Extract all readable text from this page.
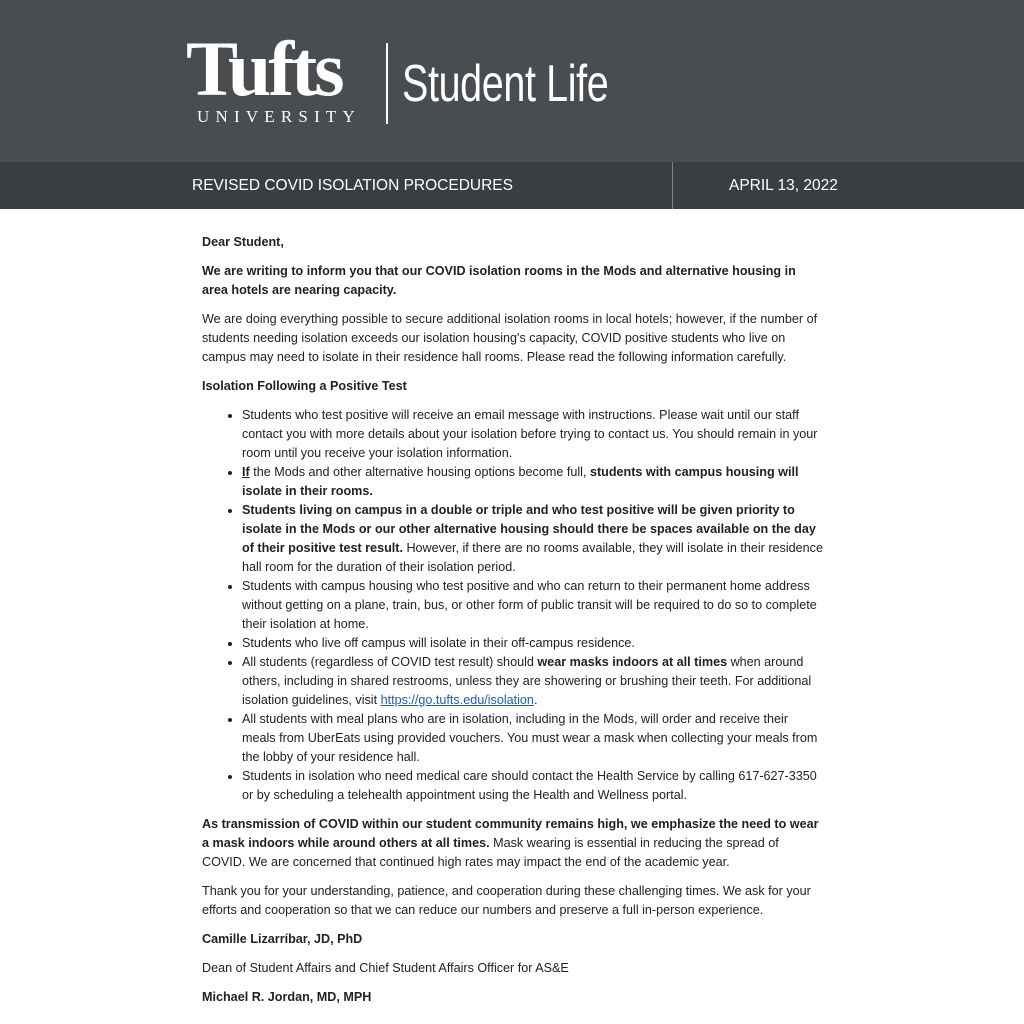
Tufts
UNIVERSITY
Student Life
REVISED COVID ISOLATION PROCEDURES	APRIL 13, 2022

Dear Student,

We are writing to inform you that our COVID isolation rooms in the Mods and alternative housing in area hotels are nearing capacity.

We are doing everything possible to secure additional isolation rooms in local hotels; however, if the number of students needing isolation exceeds our isolation housing's capacity, COVID positive students who live on campus may need to isolate in their residence hall rooms. Please read the following information carefully.

Isolation Following a Positive Test

• Students who test positive will receive an email message with instructions. Please wait until our staff contact you with more details about your isolation before trying to contact us. You should remain in your room until you receive your isolation information.
• If the Mods and other alternative housing options become full, students with campus housing will isolate in their rooms.
• Students living on campus in a double or triple and who test positive will be given priority to isolate in the Mods or our other alternative housing should there be spaces available on the day of their positive test result. However, if there are no rooms available, they will isolate in their residence hall room for the duration of their isolation period.
• Students with campus housing who test positive and who can return to their permanent home address without getting on a plane, train, bus, or other form of public transit will be required to do so to complete their isolation at home.
• Students who live off campus will isolate in their off-campus residence.
• All students (regardless of COVID test result) should wear masks indoors at all times when around others, including in shared restrooms, unless they are showering or brushing their teeth. For additional isolation guidelines, visit https://go.tufts.edu/isolation.
• All students with meal plans who are in isolation, including in the Mods, will order and receive their meals from UberEats using provided vouchers. You must wear a mask when collecting your meals from the lobby of your residence hall.
• Students in isolation who need medical care should contact the Health Service by calling 617-627-3350 or by scheduling a telehealth appointment using the Health and Wellness portal.

As transmission of COVID within our student community remains high, we emphasize the need to wear a mask indoors while around others at all times. Mask wearing is essential in reducing the spread of COVID. We are concerned that continued high rates may impact the end of the academic year.

Thank you for your understanding, patience, and cooperation during these challenging times. We ask for your efforts and cooperation so that we can reduce our numbers and preserve a full in-person experience.

Camille Lizarríbar, JD, PhD

Dean of Student Affairs and Chief Student Affairs Officer for AS&E

Michael R. Jordan, MD, MPH
